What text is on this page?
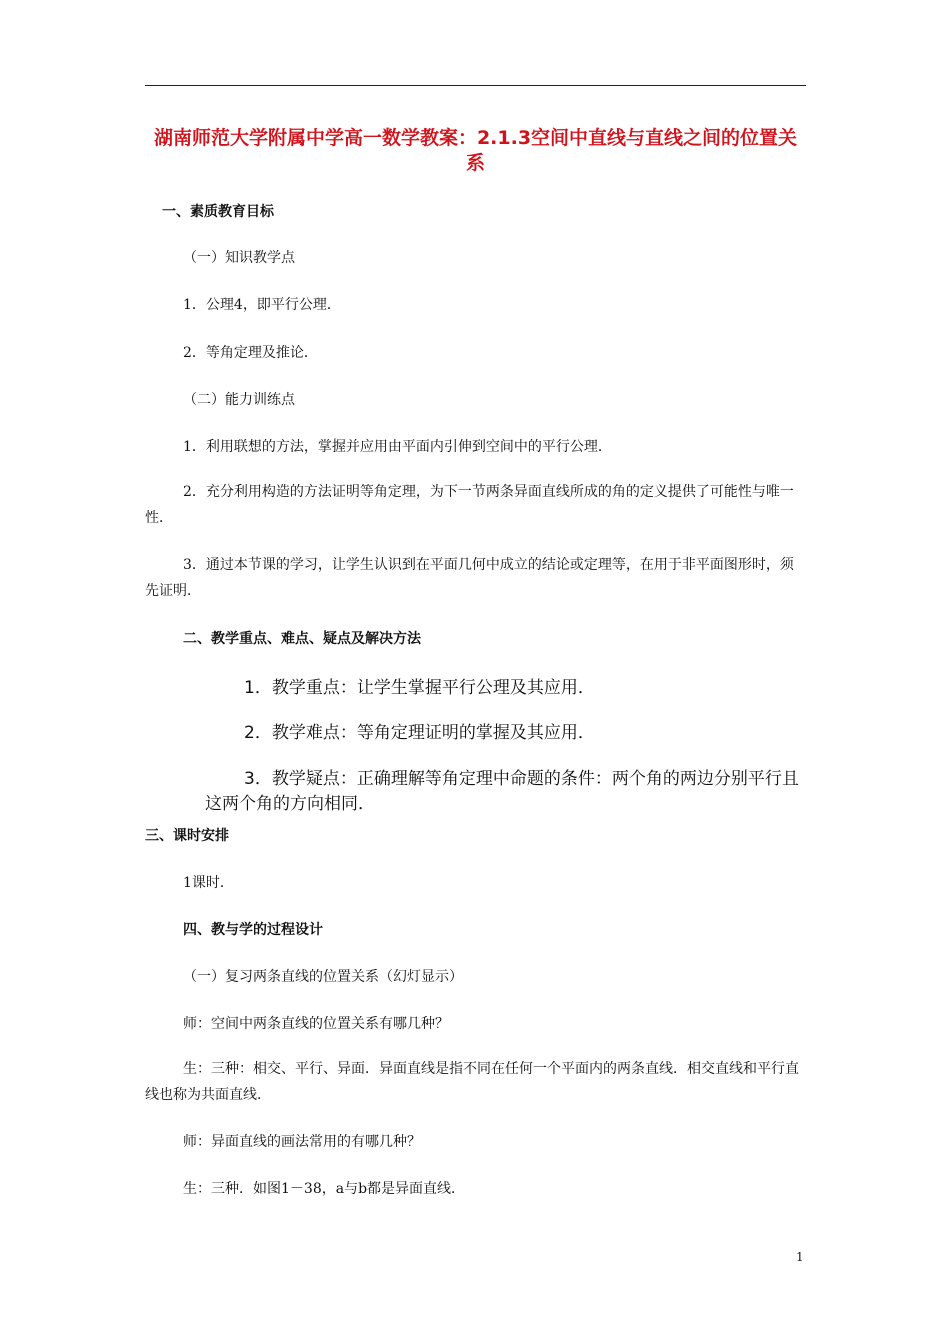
湖南师范大学附属中学高一数学教案：2.1.3空间中直线与直线之间的位置关系
一、素质教育目标
（一）知识教学点
1．公理4，即平行公理．
2．等角定理及推论．
（二）能力训练点
1．利用联想的方法，掌握并应用由平面内引伸到空间中的平行公理．
2．充分利用构造的方法证明等角定理，为下一节两条异面直线所成的角的定义提供了可能性与唯一性．
3．通过本节课的学习，让学生认识到在平面几何中成立的结论或定理等，在用于非平面图形时，须先证明．
二、教学重点、难点、疑点及解决方法
1．教学重点：让学生掌握平行公理及其应用．
2．教学难点：等角定理证明的掌握及其应用．
3．教学疑点：正确理解等角定理中命题的条件：两个角的两边分别平行且
这两个角的方向相同．
三、课时安排
1课时．
四、教与学的过程设计
（一）复习两条直线的位置关系（幻灯显示）
师：空间中两条直线的位置关系有哪几种？
生：三种：相交、平行、异面．异面直线是指不同在任何一个平面内的两条直线．相交直线和平行直线也称为共面直线．
师：异面直线的画法常用的有哪几种？
生：三种．如图1－38，a与b都是异面直线．
1
